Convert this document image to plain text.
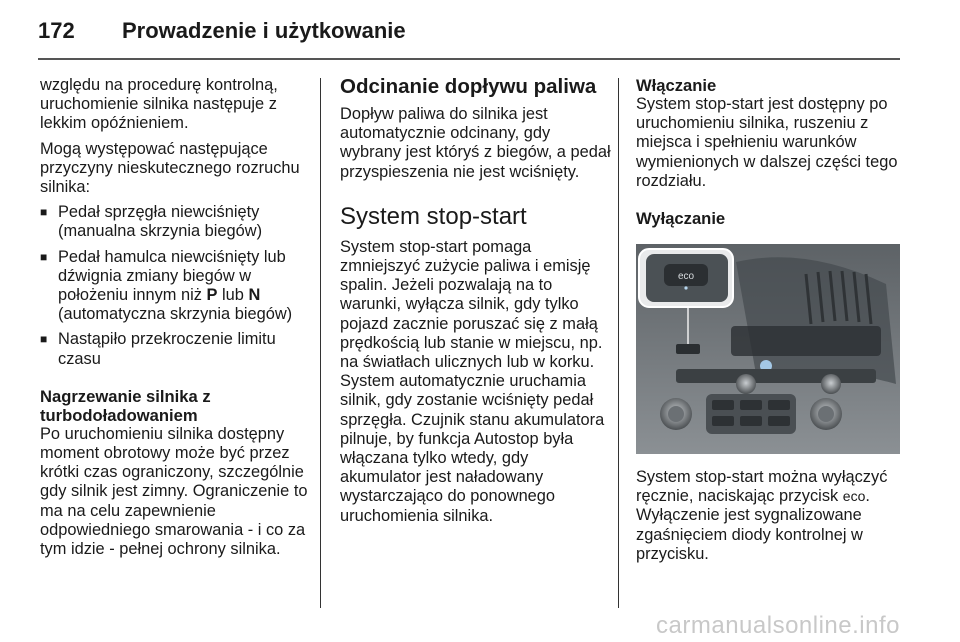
172 Prowadzenie i użytkowanie

względu na procedurę kontrolną, uruchomienie silnika następuje z lekkim opóźnieniem.

Mogą występować następujące przyczyny nieskutecznego rozruchu silnika:

■ Pedał sprzęgła niewciśnięty (manualna skrzynia biegów)
■ Pedał hamulca niewciśnięty lub dźwignia zmiany biegów w położeniu innym niż P lub N (automatyczna skrzynia biegów)
■ Nastąpiło przekroczenie limitu czasu
Nagrzewanie silnika z turbodoładowaniem

Po uruchomieniu silnika dostępny moment obrotowy może być przez krótki czas ograniczony, szczególnie gdy silnik jest zimny. Ograniczenie to ma na celu zapewnienie odpowiedniego smarowania - i co za tym idzie - pełnej ochrony silnika.

Odcinanie dopływu paliwa

Dopływ paliwa do silnika jest automatycznie odcinany, gdy wybrany jest któryś z biegów, a pedał przyspieszenia nie jest wciśnięty.

System stop-start

System stop-start pomaga zmniejszyć zużycie paliwa i emisję spalin. Jeżeli pozwalają na to warunki, wyłącza silnik, gdy tylko pojazd zacznie poruszać się z małą prędkością lub stanie w miejscu, np. na światłach ulicznych lub w korku. System automatycznie uruchamia silnik, gdy zostanie wciśnięty pedał sprzęgła. Czujnik stanu akumulatora pilnuje, by funkcja Autostop była włączana tylko wtedy, gdy akumulator jest naładowany wystarczająco do ponownego uruchomienia silnika.

Włączanie

System stop-start jest dostępny po uruchomieniu silnika, ruszeniu z miejsca i spełnieniu warunków wymienionych w dalszej części tego rozdziału.

Wyłączanie
eco

System stop-start można wyłączyć ręcznie, naciskając przycisk eco. Wyłączenie jest sygnalizowane zgaśnięciem diody kontrolnej w przycisku.

carmanualsonline.info
